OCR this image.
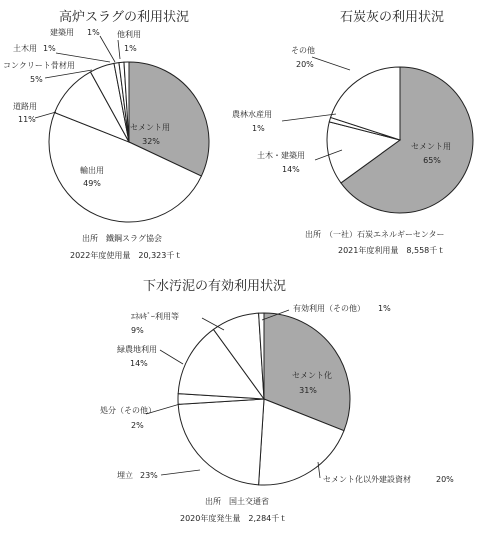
高炉スラグの利用状況
セメント用
32%
輸出用
49%
道路用
11%
コンクリート骨材用
5%
土木用 1%
建築用 1% 他利用
1%
出所　鐵鋼スラグ協会
2022年度使用量　20,323千ｔ
石炭灰の利用状況
セメント用
65%
土木・建築用
14%
農林水産用
1%
その他
20%
出所　（一社）石炭エネルギーセンター
2021年度利用量　8,558千ｔ
下水汚泥の有効利用状況
セメント化
31%
セメント化以外建設資材	20%
埋立 23%
処分（その他）
2%
緑農地利用
14%
ｴﾈﾙｷﾞｰ利用等
9%
有効利用（その他） 1%
出所　国土交通省
2020年度発生量　2,284千ｔ
